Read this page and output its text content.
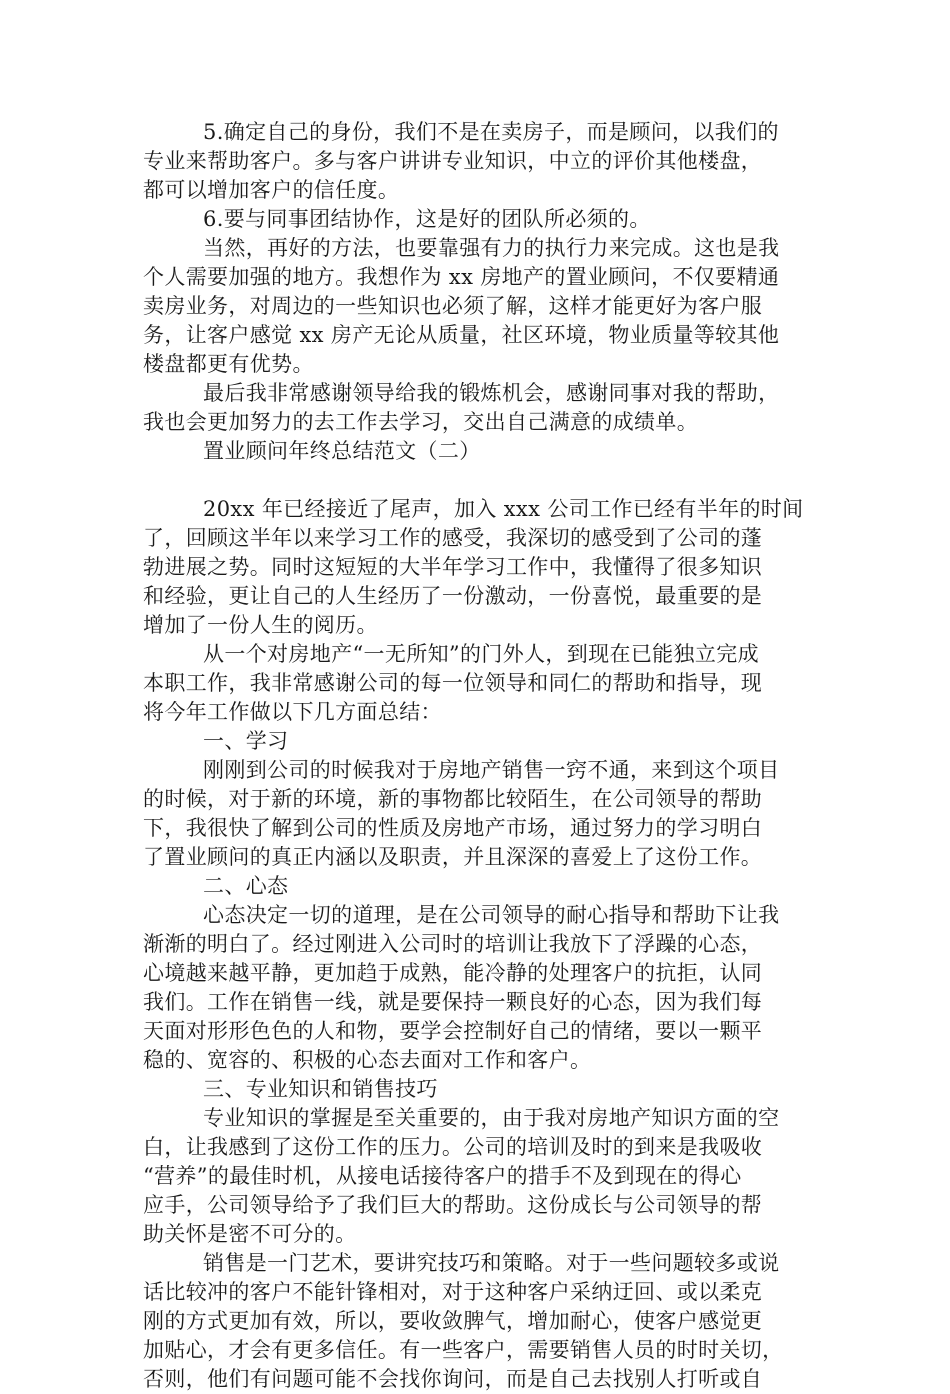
5.确定自己的身份，我们不是在卖房子，而是顾问，以我们的
专业来帮助客户。多与客户讲讲专业知识，中立的评价其他楼盘，
都可以增加客户的信任度。
6.要与同事团结协作，这是好的团队所必须的。
当然，再好的方法，也要靠强有力的执行力来完成。这也是我
个人需要加强的地方。我想作为 xx 房地产的置业顾问，不仅要精通
卖房业务，对周边的一些知识也必须了解，这样才能更好为客户服
务，让客户感觉 xx 房产无论从质量，社区环境，物业质量等较其他
楼盘都更有优势。
最后我非常感谢领导给我的锻炼机会，感谢同事对我的帮助，
我也会更加努力的去工作去学习，交出自己满意的成绩单。
置业顾问年终总结范文（二）
20xx 年已经接近了尾声，加入 xxx 公司工作已经有半年的时间
了，回顾这半年以来学习工作的感受，我深切的感受到了公司的蓬
勃进展之势。同时这短短的大半年学习工作中，我懂得了很多知识
和经验，更让自己的人生经历了一份激动，一份喜悦，最重要的是
增加了一份人生的阅历。
从一个对房地产“一无所知”的门外人，到现在已能独立完成
本职工作，我非常感谢公司的每一位领导和同仁的帮助和指导，现
将今年工作做以下几方面总结：
一、学习
刚刚到公司的时候我对于房地产销售一窍不通，来到这个项目
的时候，对于新的环境，新的事物都比较陌生，在公司领导的帮助
下，我很快了解到公司的性质及房地产市场，通过努力的学习明白
了置业顾问的真正内涵以及职责，并且深深的喜爱上了这份工作。
二、心态
心态决定一切的道理，是在公司领导的耐心指导和帮助下让我
渐渐的明白了。经过刚进入公司时的培训让我放下了浮躁的心态，
心境越来越平静，更加趋于成熟，能冷静的处理客户的抗拒，认同
我们。工作在销售一线，就是要保持一颗良好的心态，因为我们每
天面对形形色色的人和物，要学会控制好自己的情绪，要以一颗平
稳的、宽容的、积极的心态去面对工作和客户。
三、专业知识和销售技巧
专业知识的掌握是至关重要的，由于我对房地产知识方面的空
白，让我感到了这份工作的压力。公司的培训及时的到来是我吸收
“营养”的最佳时机，从接电话接待客户的措手不及到现在的得心
应手，公司领导给予了我们巨大的帮助。这份成长与公司领导的帮
助关怀是密不可分的。
销售是一门艺术，要讲究技巧和策略。对于一些问题较多或说
话比较冲的客户不能针锋相对，对于这种客户采纳迂回、或以柔克
刚的方式更加有效，所以，要收敛脾气，增加耐心，使客户感觉更
加贴心，才会有更多信任。有一些客户，需要销售人员的时时关切，
否则，他们有问题可能不会找你询问，而是自己去找别人打听或自
